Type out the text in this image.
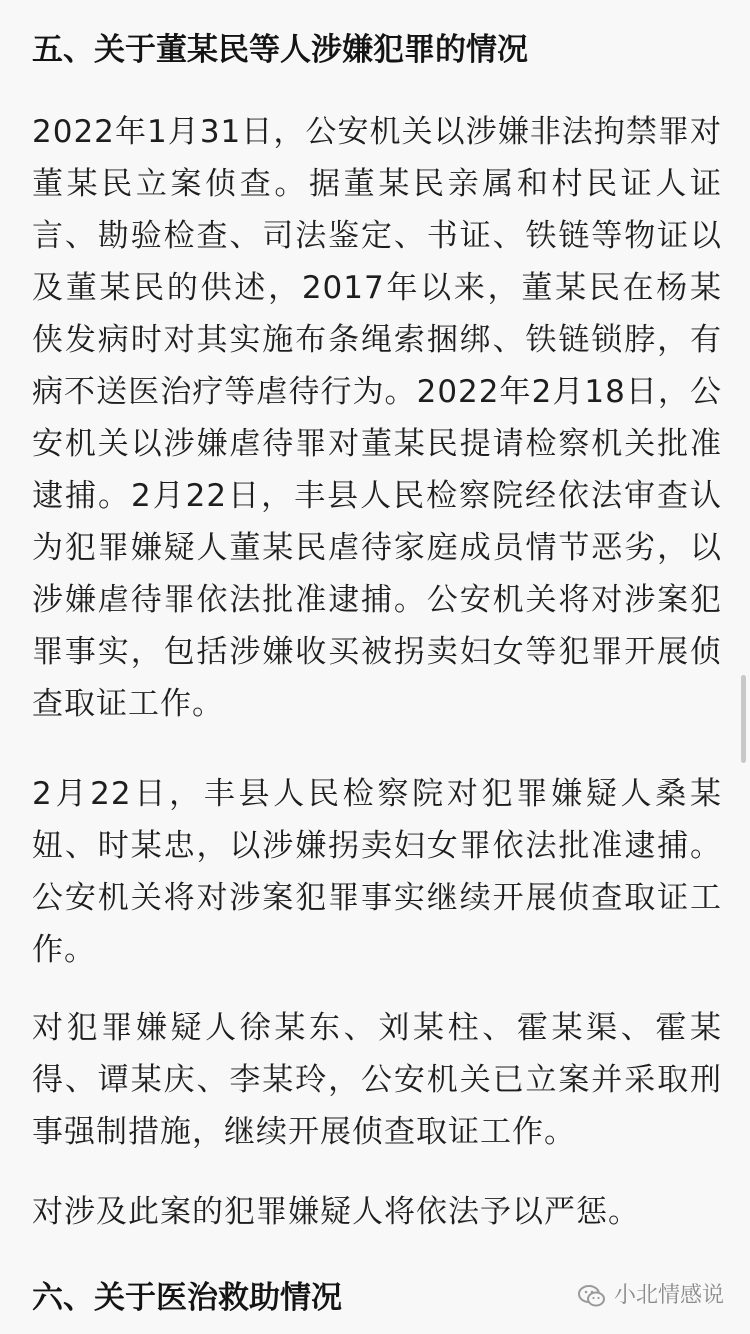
五、关于董某民等人涉嫌犯罪的情况

2022年1月31日，公安机关以涉嫌非法拘禁罪对董某民立案侦查。据董某民亲属和村民证人证言、勘验检查、司法鉴定、书证、铁链等物证以及董某民的供述，2017年以来，董某民在杨某侠发病时对其实施布条绳索捆绑、铁链锁脖，有病不送医治疗等虐待行为。2022年2月18日，公安机关以涉嫌虐待罪对董某民提请检察机关批准逮捕。2月22日，丰县人民检察院经依法审查认为犯罪嫌疑人董某民虐待家庭成员情节恶劣，以涉嫌虐待罪依法批准逮捕。公安机关将对涉案犯罪事实，包括涉嫌收买被拐卖妇女等犯罪开展侦查取证工作。

2月22日，丰县人民检察院对犯罪嫌疑人桑某妞、时某忠，以涉嫌拐卖妇女罪依法批准逮捕。公安机关将对涉案犯罪事实继续开展侦查取证工作。

对犯罪嫌疑人徐某东、刘某柱、霍某渠、霍某得、谭某庆、李某玲，公安机关已立案并采取刑事强制措施，继续开展侦查取证工作。

对涉及此案的犯罪嫌疑人将依法予以严惩。

六、关于医治救助情况	小北情感说
